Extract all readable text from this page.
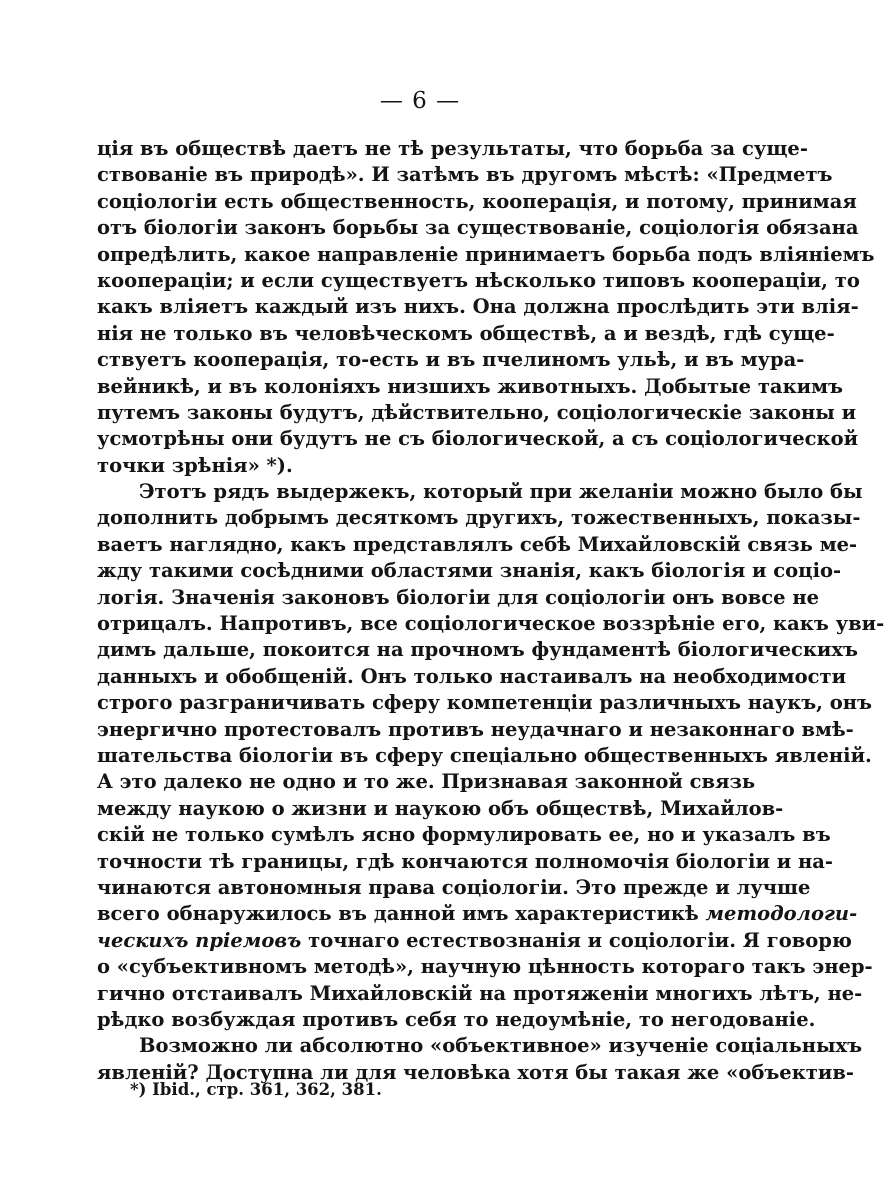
— 6 —
ція въ обществѣ даетъ не тѣ результаты, что борьба за суще-
ствованіе въ природѣ». И затѣмъ въ другомъ мѣстѣ: «Предметъ
соціологіи есть общественность, кооперація, и потому, принимая
отъ біологіи законъ борьбы за существованіе, соціологія обязана
опредѣлить, какое направленіе принимаетъ борьба подъ вліяніемъ
коопераціи; и если существуетъ нѣсколько типовъ коопераціи, то
какъ вліяетъ каждый изъ нихъ. Она должна прослѣдить эти влія-
нія не только въ человѣческомъ обществѣ, а и вездѣ, гдѣ суще-
ствуетъ кооперація, то-есть и въ пчелиномъ ульѣ, и въ мура-
вейникѣ, и въ колоніяхъ низшихъ животныхъ. Добытые такимъ
путемъ законы будутъ, дѣйствительно, соціологическіе законы и
усмотрѣны они будутъ не съ біологической, а съ соціологической
точки зрѣнія» *).
Этотъ рядъ выдержекъ, который при желаніи можно было бы
дополнить добрымъ десяткомъ другихъ, тожественныхъ, показы-
ваетъ наглядно, какъ представлялъ себѣ Михайловскій связь ме-
жду такими сосѣдними областями знанія, какъ біологія и соціо-
логія. Значенія законовъ біологіи для соціологіи онъ вовсе не
отрицалъ. Напротивъ, все соціологическое воззрѣніе его, какъ уви-
димъ дальше, покоится на прочномъ фундаментѣ біологическихъ
данныхъ и обобщеній. Онъ только настаивалъ на необходимости
строго разграничивать сферу компетенціи различныхъ наукъ, онъ
энергично протестовалъ противъ неудачнаго и незаконнаго вмѣ-
шательства біологіи въ сферу спеціально общественныхъ явленій.
А это далеко не одно и то же. Признавая законной связь
между наукою о жизни и наукою объ обществѣ, Михайлов-
скій не только сумѣлъ ясно формулировать ее, но и указалъ въ
точности тѣ границы, гдѣ кончаются полномочія біологіи и на-
чинаются автономныя права соціологіи. Это прежде и лучше
всего обнаружилось въ данной имъ характеристикѣ методологи-
ческихъ пріемовъ точнаго естествознанія и соціологіи. Я говорю
о «субъективномъ методѣ», научную цѣнность котораго такъ энер-
гично отстаивалъ Михайловскій на протяженіи многихъ лѣтъ, не-
рѣдко возбуждая противъ себя то недоумѣніе, то негодованіе.
Возможно ли абсолютно «объективное» изученіе соціальныхъ
явленій? Доступна ли для человѣка хотя бы такая же «объектив-
*) Ibid., стр. 361, 362, 381.
